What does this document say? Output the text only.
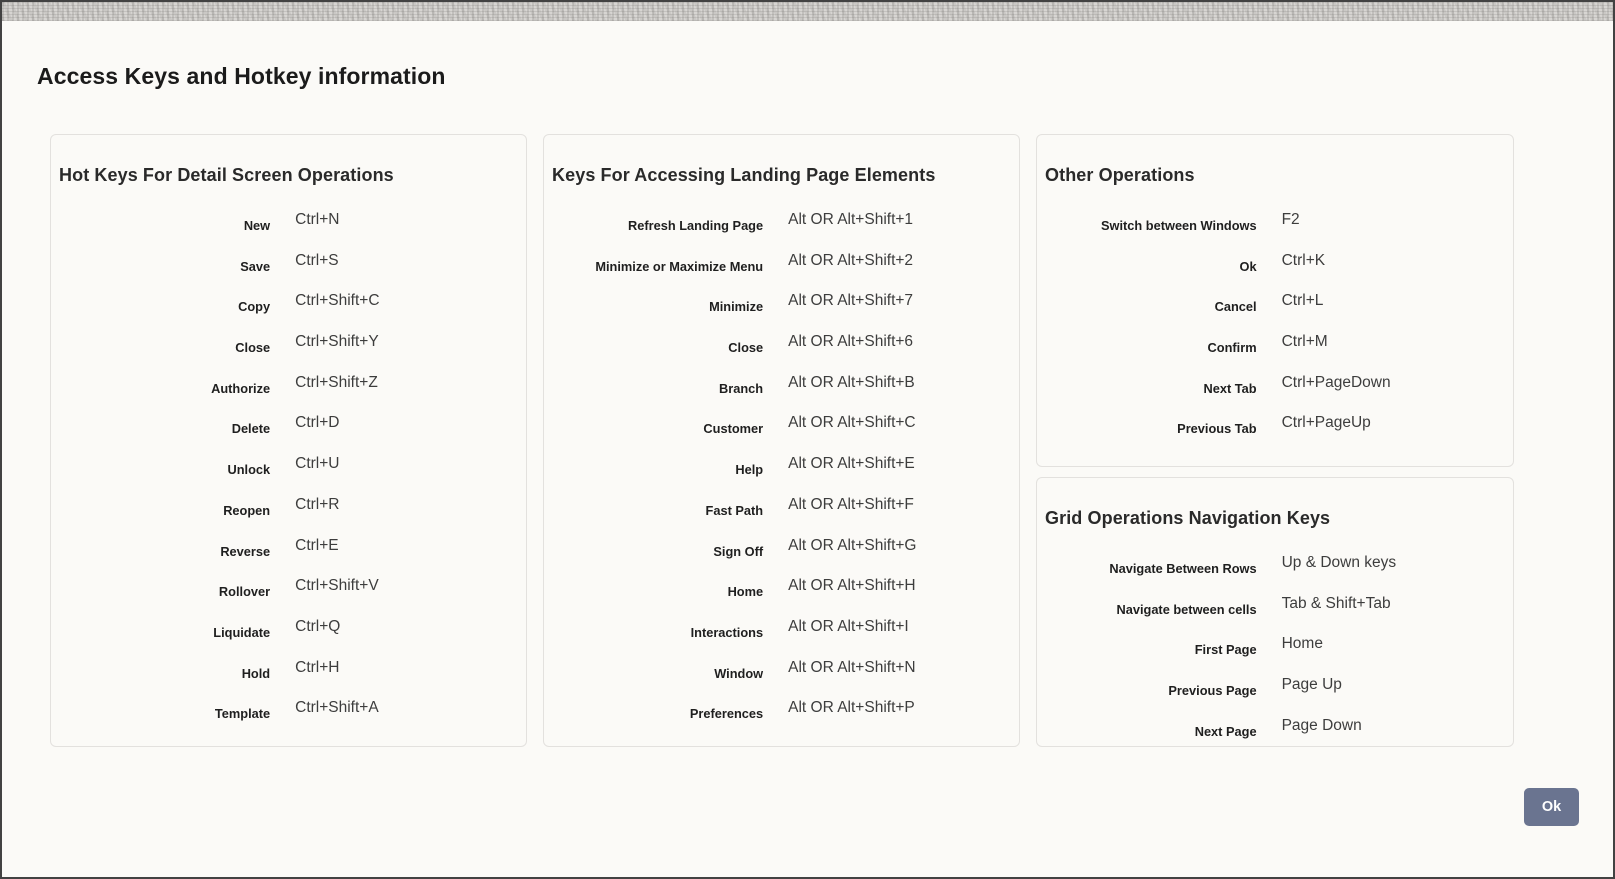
Access Keys and Hotkey information
Hot Keys For Detail Screen Operations
New Ctrl+N
Save Ctrl+S
Copy Ctrl+Shift+C
Close Ctrl+Shift+Y
Authorize Ctrl+Shift+Z
Delete Ctrl+D
Unlock Ctrl+U
Reopen Ctrl+R
Reverse Ctrl+E
Rollover Ctrl+Shift+V
Liquidate Ctrl+Q
Hold Ctrl+H
Template Ctrl+Shift+A
Keys For Accessing Landing Page Elements
Refresh Landing Page Alt OR Alt+Shift+1
Minimize or Maximize Menu Alt OR Alt+Shift+2
Minimize Alt OR Alt+Shift+7
Close Alt OR Alt+Shift+6
Branch Alt OR Alt+Shift+B
Customer Alt OR Alt+Shift+C
Help Alt OR Alt+Shift+E
Fast Path Alt OR Alt+Shift+F
Sign Off Alt OR Alt+Shift+G
Home Alt OR Alt+Shift+H
Interactions Alt OR Alt+Shift+I
Window Alt OR Alt+Shift+N
Preferences Alt OR Alt+Shift+P
Other Operations
Switch between Windows F2
Ok Ctrl+K
Cancel Ctrl+L
Confirm Ctrl+M
Next Tab Ctrl+PageDown
Previous Tab Ctrl+PageUp
Grid Operations Navigation Keys
Navigate Between Rows Up & Down keys
Navigate between cells Tab & Shift+Tab
First Page Home
Previous Page Page Up
Next Page Page Down
Ok
